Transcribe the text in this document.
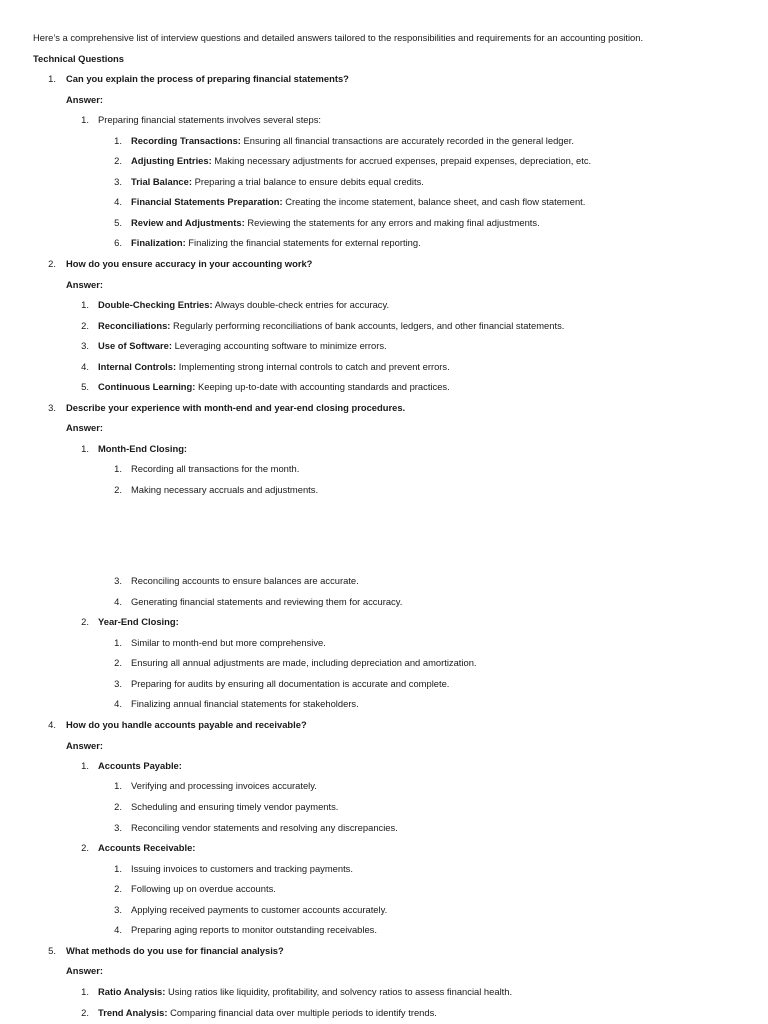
Here’s a comprehensive list of interview questions and detailed answers tailored to the responsibilities and requirements for an accounting position.
Technical Questions
1. Can you explain the process of preparing financial statements?
Answer:
1. Preparing financial statements involves several steps:
1. Recording Transactions: Ensuring all financial transactions are accurately recorded in the general ledger.
2. Adjusting Entries: Making necessary adjustments for accrued expenses, prepaid expenses, depreciation, etc.
3. Trial Balance: Preparing a trial balance to ensure debits equal credits.
4. Financial Statements Preparation: Creating the income statement, balance sheet, and cash flow statement.
5. Review and Adjustments: Reviewing the statements for any errors and making final adjustments.
6. Finalization: Finalizing the financial statements for external reporting.
2. How do you ensure accuracy in your accounting work?
Answer:
1. Double-Checking Entries: Always double-check entries for accuracy.
2. Reconciliations: Regularly performing reconciliations of bank accounts, ledgers, and other financial statements.
3. Use of Software: Leveraging accounting software to minimize errors.
4. Internal Controls: Implementing strong internal controls to catch and prevent errors.
5. Continuous Learning: Keeping up-to-date with accounting standards and practices.
3. Describe your experience with month-end and year-end closing procedures.
Answer:
1. Month-End Closing:
1. Recording all transactions for the month.
2. Making necessary accruals and adjustments.
3. Reconciling accounts to ensure balances are accurate.
4. Generating financial statements and reviewing them for accuracy.
2. Year-End Closing:
1. Similar to month-end but more comprehensive.
2. Ensuring all annual adjustments are made, including depreciation and amortization.
3. Preparing for audits by ensuring all documentation is accurate and complete.
4. Finalizing annual financial statements for stakeholders.
4. How do you handle accounts payable and receivable?
Answer:
1. Accounts Payable:
1. Verifying and processing invoices accurately.
2. Scheduling and ensuring timely vendor payments.
3. Reconciling vendor statements and resolving any discrepancies.
2. Accounts Receivable:
1. Issuing invoices to customers and tracking payments.
2. Following up on overdue accounts.
3. Applying received payments to customer accounts accurately.
4. Preparing aging reports to monitor outstanding receivables.
5. What methods do you use for financial analysis?
Answer:
1. Ratio Analysis: Using ratios like liquidity, profitability, and solvency ratios to assess financial health.
2. Trend Analysis: Comparing financial data over multiple periods to identify trends.
